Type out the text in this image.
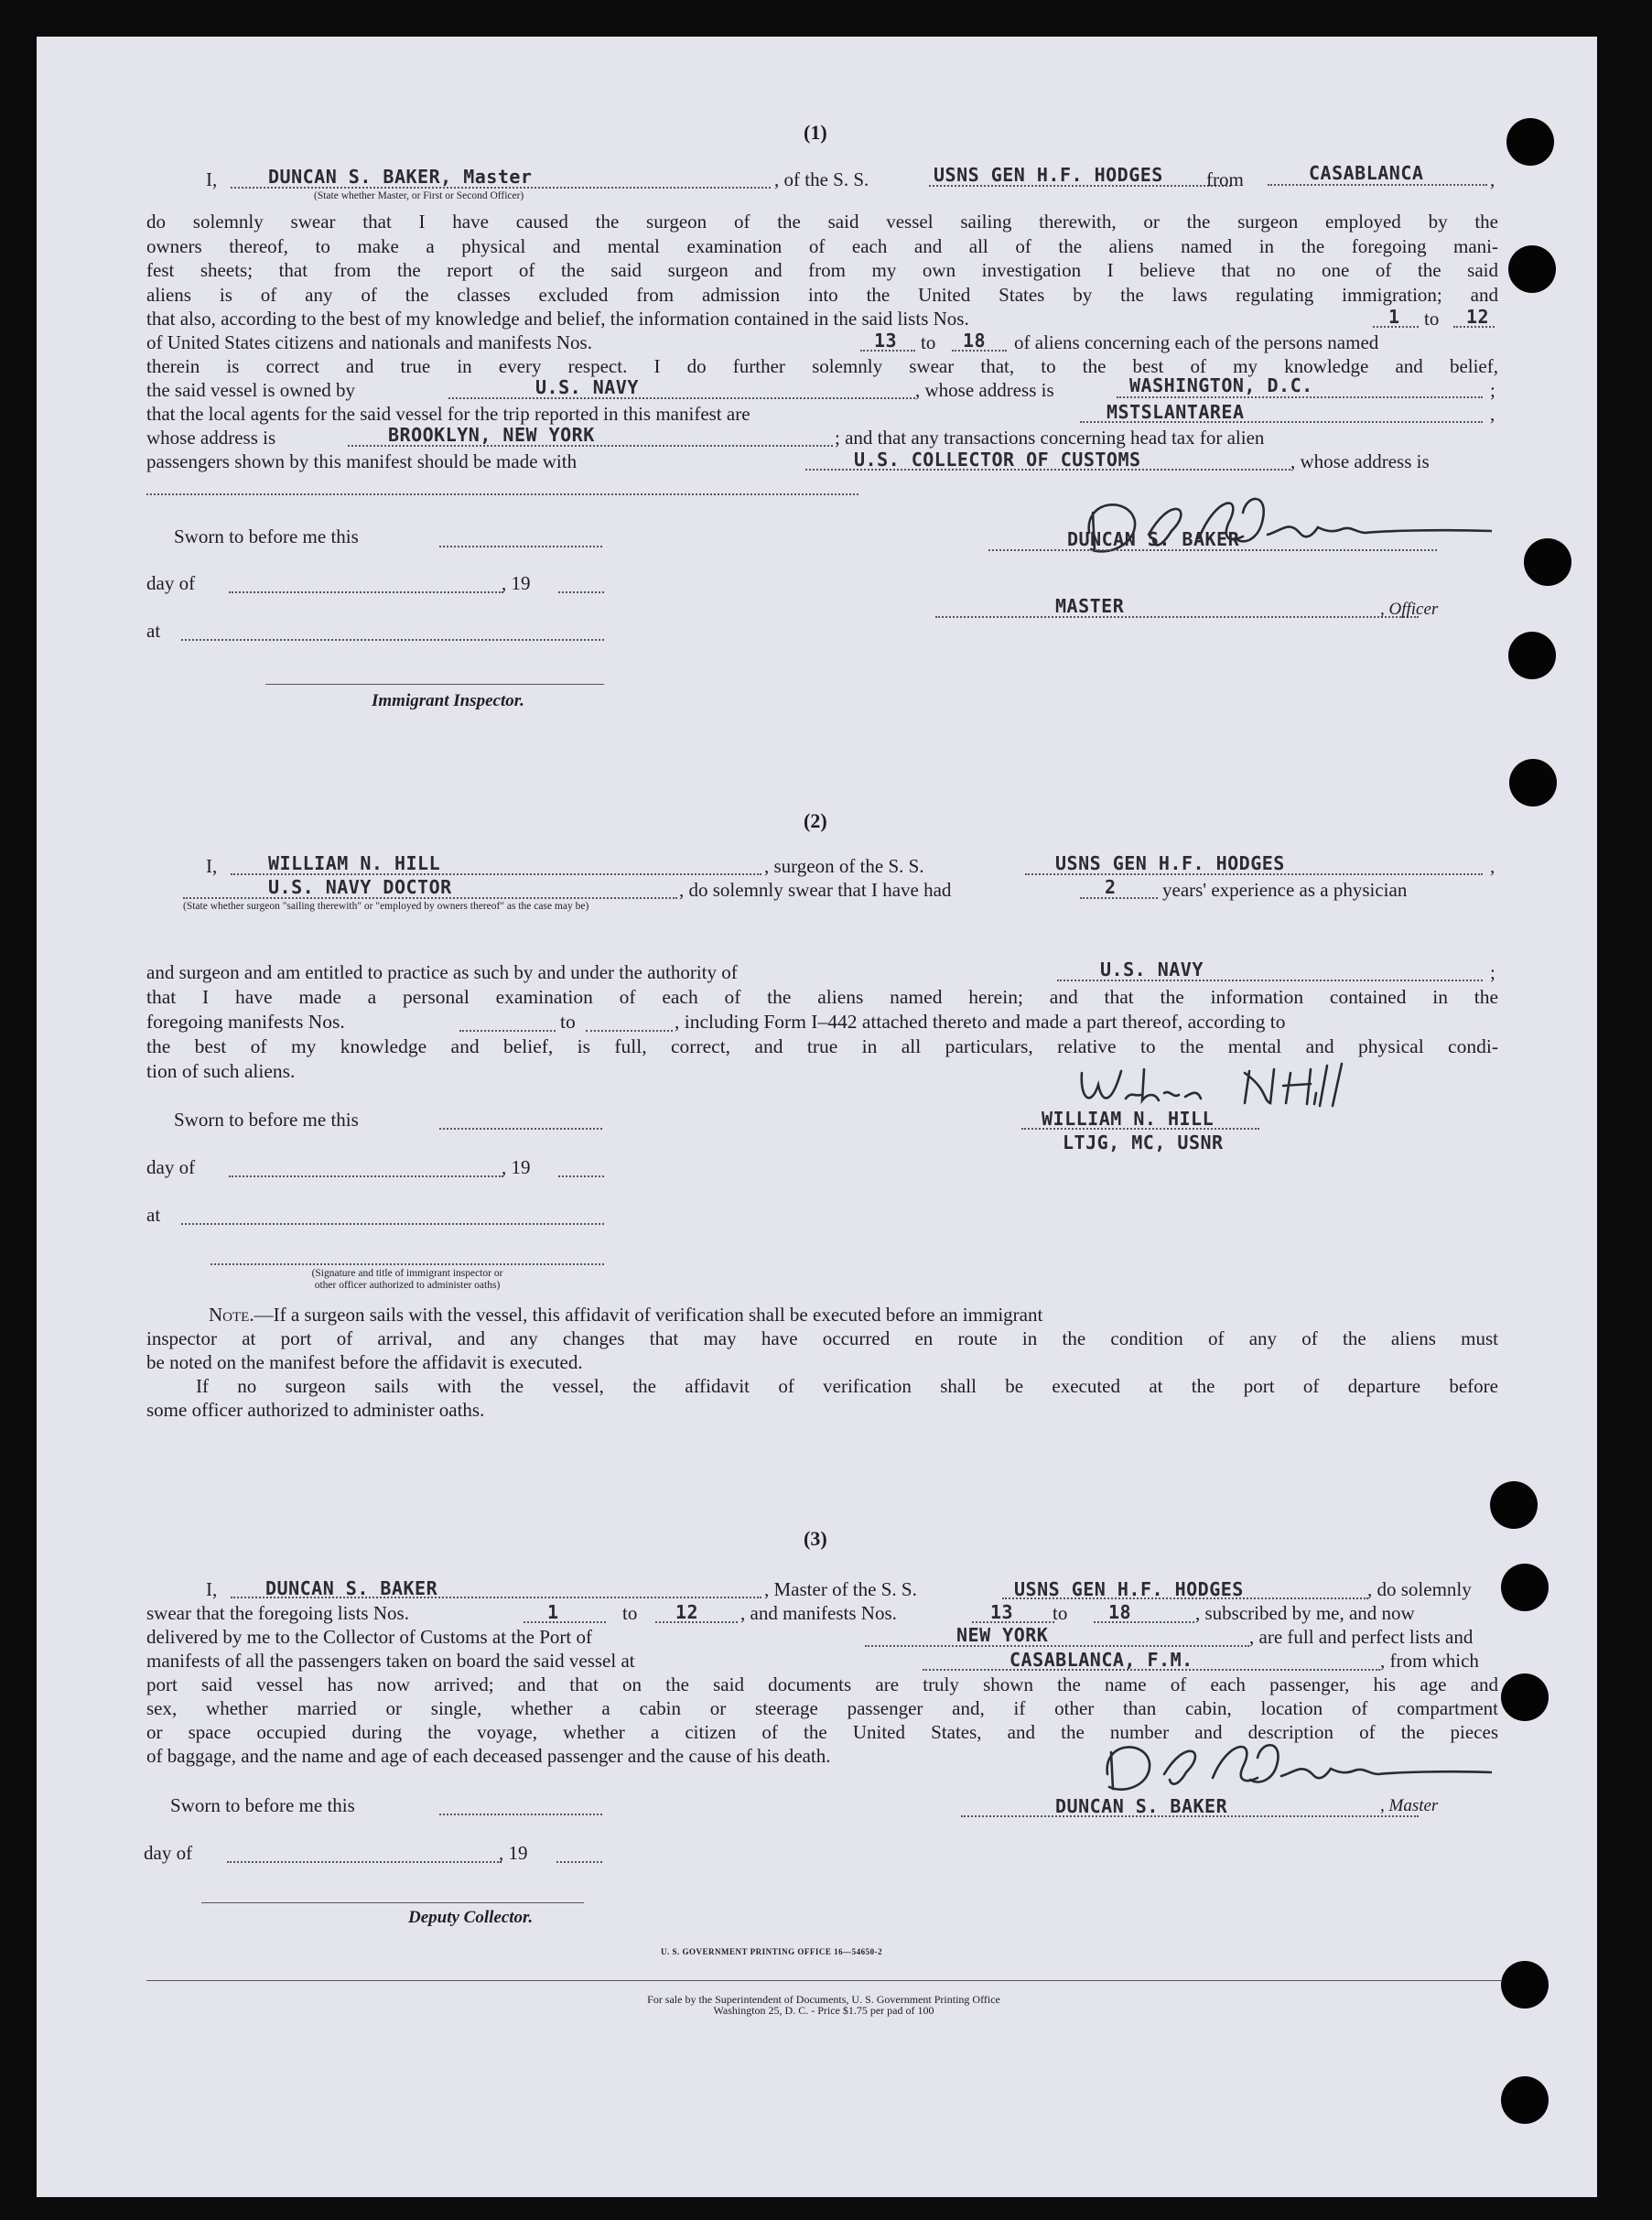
(1)
I,	DUNCAN S. BAKER, Master	, of the S. S.	USNS GEN H.F. HODGES from	CASABLANCA	,
(State whether Master, or First or Second Officer)
do solemnly swear that I have caused the surgeon of the said vessel sailing therewith, or the surgeon employed by the
owners thereof, to make a physical and mental examination of each and all of the aliens named in the foregoing mani-
fest sheets; that from the report of the said surgeon and from my own investigation I believe that no one of the said
aliens is of any of the classes excluded from admission into the United States by the laws regulating immigration; and
that also, according to the best of my knowledge and belief, the information contained in the said lists Nos.	1 to 12
of United States citizens and nationals and manifests Nos.	13 to 18 of aliens concerning each of the persons named
therein is correct and true in every respect. I do further solemnly swear that, to the best of my knowledge and belief,
the said vessel is owned by	U.S. NAVY	, whose address is	WASHINGTON, D.C.	;
that the local agents for the said vessel for the trip reported in this manifest are	MSTSLANTAREA	,
whose address is	BROOKLYN, NEW YORK	; and that any transactions concerning head tax for alien
passengers shown by this manifest should be made with	U.S. COLLECTOR OF CUSTOMS	, whose address is
Sworn to before me this	DUNCAN S. BAKER
day of	, 19
MASTER	, Officer
at
Immigrant Inspector.
(2)
I,	WILLIAM N. HILL	, surgeon of the S. S.	USNS GEN H.F. HODGES	,
U.S. NAVY DOCTOR	, do solemnly swear that I have had	2 years' experience as a physician
(State whether surgeon "sailing therewith" or "employed by owners thereof" as the case may be)
and surgeon and am entitled to practice as such by and under the authority of	U.S. NAVY	;
that I have made a personal examination of each of the aliens named herein; and that the information contained in the
foregoing manifests Nos.	to	, including Form I–442 attached thereto and made a part thereof, according to
the best of my knowledge and belief, is full, correct, and true in all particulars, relative to the mental and physical condi-
tion of such aliens.
Sworn to before me this	WILLIAM N. HILL
LTJG, MC, USNR
day of	, 19
at
(Signature and title of immigrant inspector or
other officer authorized to administer oaths)
Note.—If a surgeon sails with the vessel, this affidavit of verification shall be executed before an immigrant
inspector at port of arrival, and any changes that may have occurred en route in the condition of any of the aliens must
be noted on the manifest before the affidavit is executed.
If no surgeon sails with the vessel, the affidavit of verification shall be executed at the port of departure before
some officer authorized to administer oaths.
(3)
I,	DUNCAN S. BAKER	, Master of the S. S.	USNS GEN H.F. HODGES	, do solemnly
swear that the foregoing lists Nos.	1	to 12 , and manifests Nos.	13 to 18	, subscribed by me, and now
delivered by me to the Collector of Customs at the Port of	NEW YORK	, are full and perfect lists and
manifests of all the passengers taken on board the said vessel at	CASABLANCA, F.M.	, from which
port said vessel has now arrived; and that on the said documents are truly shown the name of each passenger, his age and
sex, whether married or single, whether a cabin or steerage passenger and, if other than cabin, location of compartment
or space occupied during the voyage, whether a citizen of the United States, and the number and description of the pieces
of baggage, and the name and age of each deceased passenger and the cause of his death.
Sworn to before me this	DUNCAN S. BAKER	, Master
day of	, 19
Deputy Collector.
U. S. GOVERNMENT PRINTING OFFICE 16—54650-2
For sale by the Superintendent of Documents, U. S. Government Printing Office
Washington 25, D. C. - Price $1.75 per pad of 100
